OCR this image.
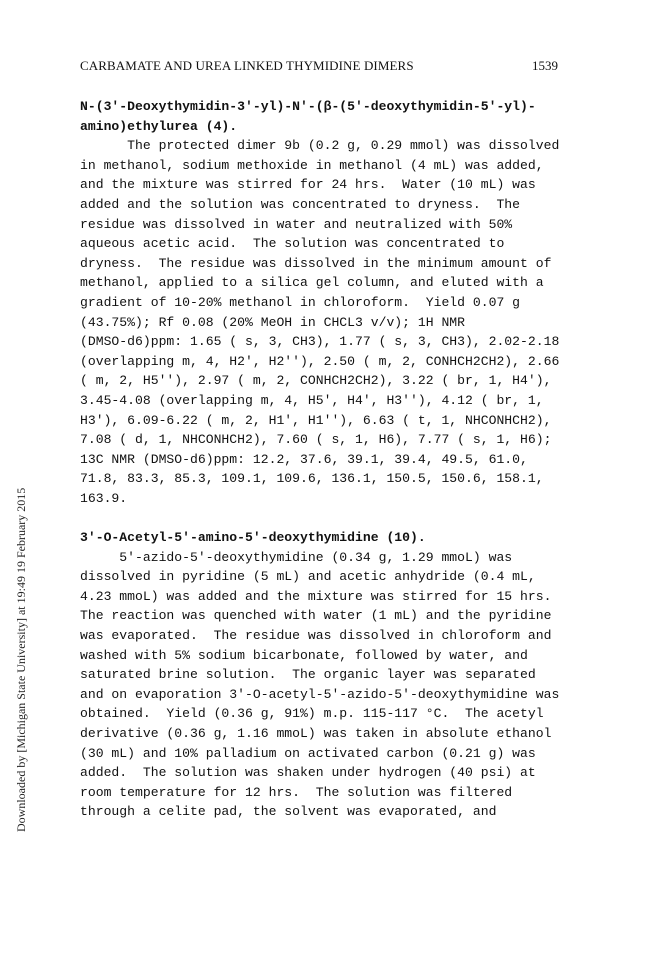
CARBAMATE AND UREA LINKED THYMIDINE DIMERS	1539
Downloaded by [Michigan State University] at 19:49 19 February 2015
N-(3'-Deoxythymidin-3'-yl)-N'-(β-(5'-deoxythymidin-5'-yl)-
amino)ethylurea (4).
The protected dimer 9b (0.2 g, 0.29 mmol) was dissolved
in methanol, sodium methoxide in methanol (4 mL) was added,
and the mixture was stirred for 24 hrs.  Water (10 mL) was
added and the solution was concentrated to dryness.  The
residue was dissolved in water and neutralized with 50%
aqueous acetic acid.  The solution was concentrated to
dryness.  The residue was dissolved in the minimum amount of
methanol, applied to a silica gel column, and eluted with a
gradient of 10-20% methanol in chloroform.  Yield 0.07 g
(43.75%); Rf 0.08 (20% MeOH in CHCL3 v/v); 1H NMR
(DMSO-d6)ppm: 1.65 ( s, 3, CH3), 1.77 ( s, 3, CH3), 2.02-2.18
(overlapping m, 4, H2', H2''), 2.50 ( m, 2, CONHCH2CH2), 2.66
( m, 2, H5''), 2.97 ( m, 2, CONHCH2CH2), 3.22 ( br, 1, H4'),
3.45-4.08 (overlapping m, 4, H5', H4', H3''), 4.12 ( br, 1,
H3'), 6.09-6.22 ( m, 2, H1', H1''), 6.63 ( t, 1, NHCONHCH2),
7.08 ( d, 1, NHCONHCH2), 7.60 ( s, 1, H6), 7.77 ( s, 1, H6);
13C NMR (DMSO-d6)ppm: 12.2, 37.6, 39.1, 39.4, 49.5, 61.0,
71.8, 83.3, 85.3, 109.1, 109.6, 136.1, 150.5, 150.6, 158.1,
163.9.
3'-O-Acetyl-5'-amino-5'-deoxythymidine (10).
5'-azido-5'-deoxythymidine (0.34 g, 1.29 mmoL) was
dissolved in pyridine (5 mL) and acetic anhydride (0.4 mL,
4.23 mmoL) was added and the mixture was stirred for 15 hrs.
The reaction was quenched with water (1 mL) and the pyridine
was evaporated.  The residue was dissolved in chloroform and
washed with 5% sodium bicarbonate, followed by water, and
saturated brine solution.  The organic layer was separated
and on evaporation 3'-O-acetyl-5'-azido-5'-deoxythymidine was
obtained.  Yield (0.36 g, 91%) m.p. 115-117 °C.  The acetyl
derivative (0.36 g, 1.16 mmoL) was taken in absolute ethanol
(30 mL) and 10% palladium on activated carbon (0.21 g) was
added.  The solution was shaken under hydrogen (40 psi) at
room temperature for 12 hrs.  The solution was filtered
through a celite pad, the solvent was evaporated, and
